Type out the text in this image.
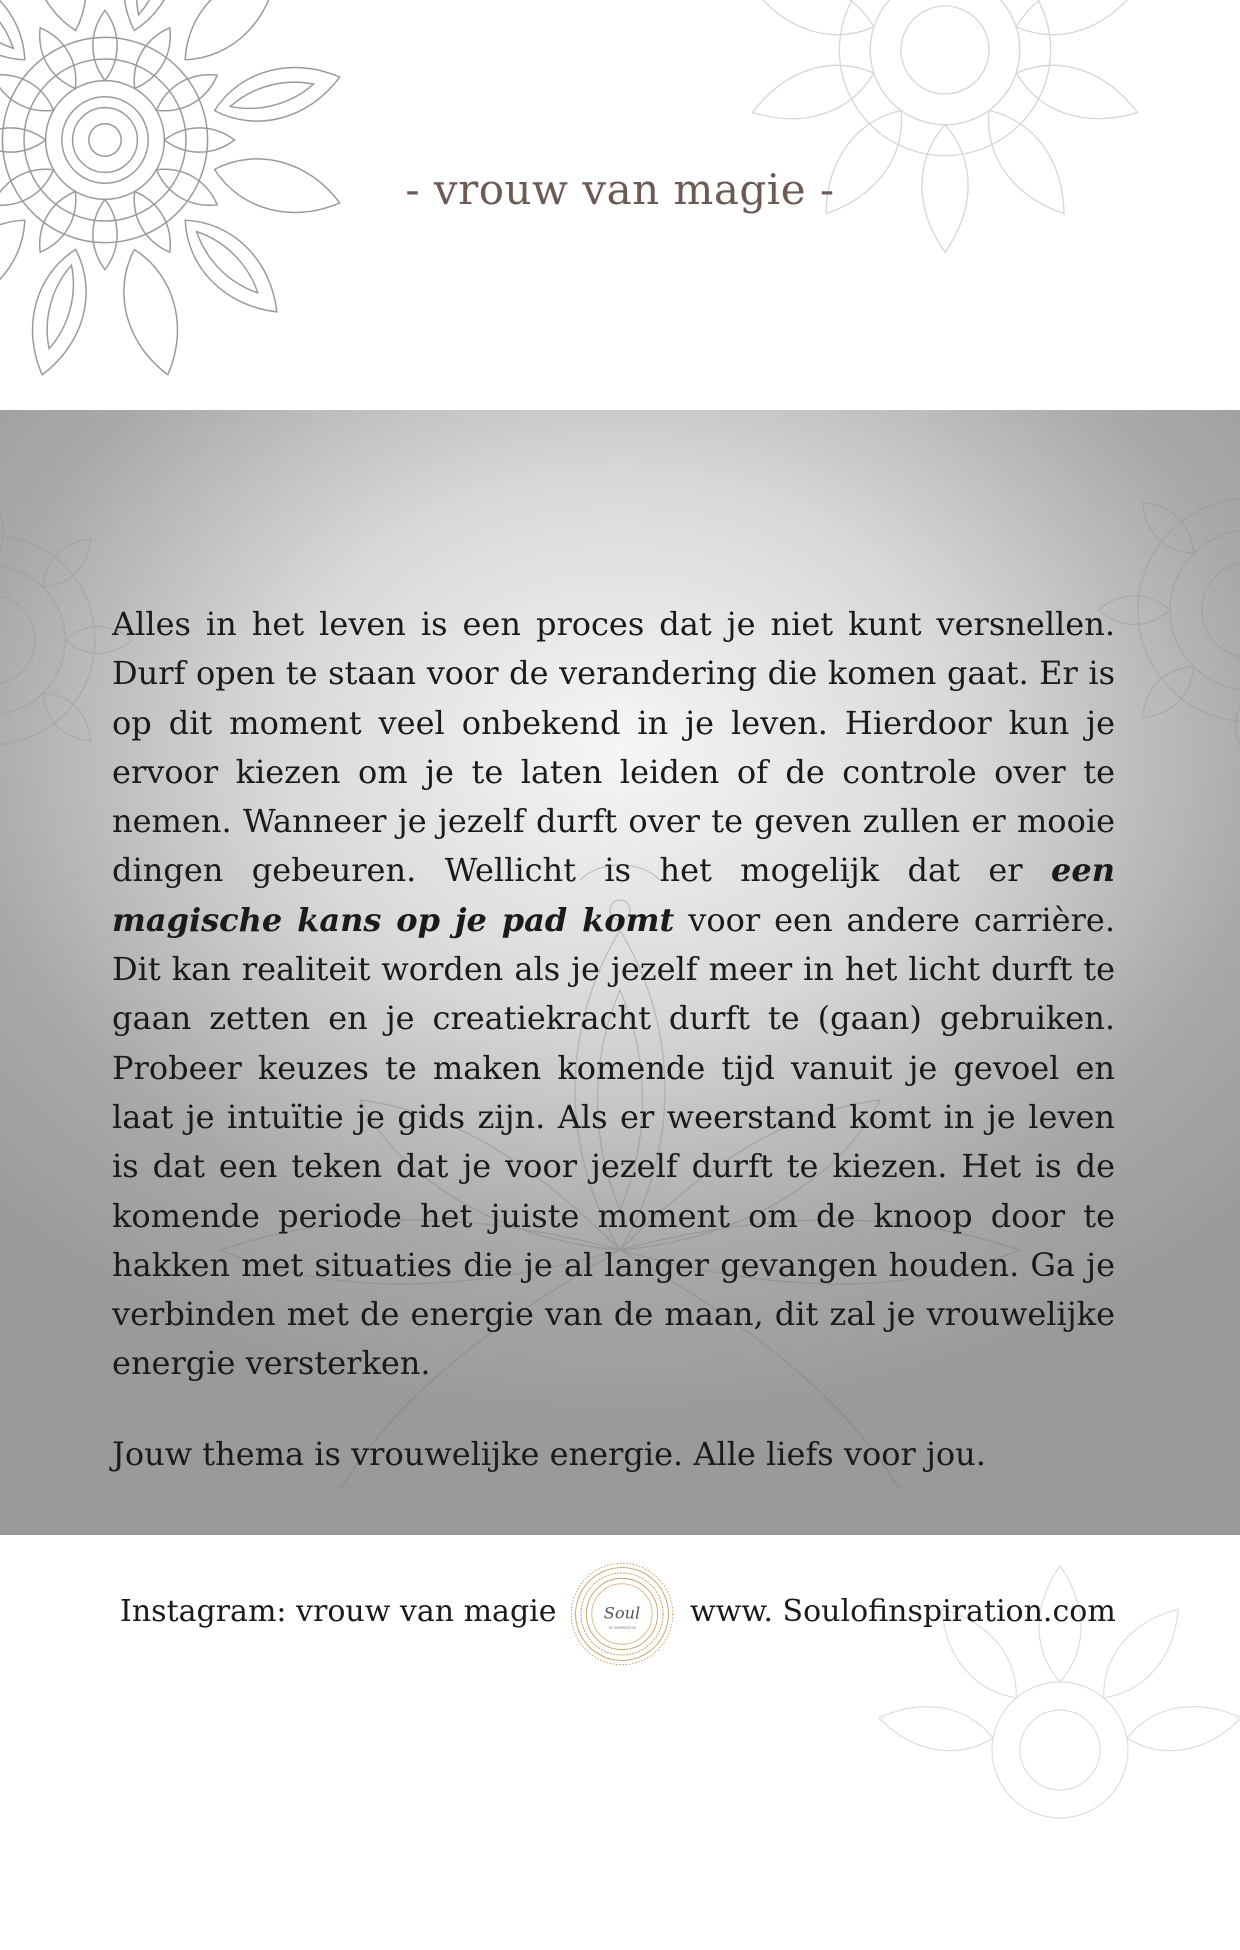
- vrouw van magie -

Alles in het leven is een proces dat je niet kunt versnellen. Durf open te staan voor de verandering die komen gaat. Er is op dit moment veel onbekend in je leven. Hierdoor kun je ervoor kiezen om je te laten leiden of de controle over te nemen. Wanneer je jezelf durft over te geven zullen er mooie dingen gebeuren. Wellicht is het mogelijk dat er een magische kans op je pad komt voor een andere carrière. Dit kan realiteit worden als je jezelf meer in het licht durft te gaan zetten en je creatiekracht durft te (gaan) gebruiken. Probeer keuzes te maken komende tijd vanuit je gevoel en laat je intuïtie je gids zijn. Als er weerstand komt in je leven is dat een teken dat je voor jezelf durft te kiezen. Het is de komende periode het juiste moment om de knoop door te hakken met situaties die je al langer gevangen houden. Ga je verbinden met de energie van de maan, dit zal je vrouwelijke energie versterken.

Jouw thema is vrouwelijke energie. Alle liefs voor jou.
Instagram: vrouw van magie	Soul
OF INSPIRATION www. Soulofinspiration.com
